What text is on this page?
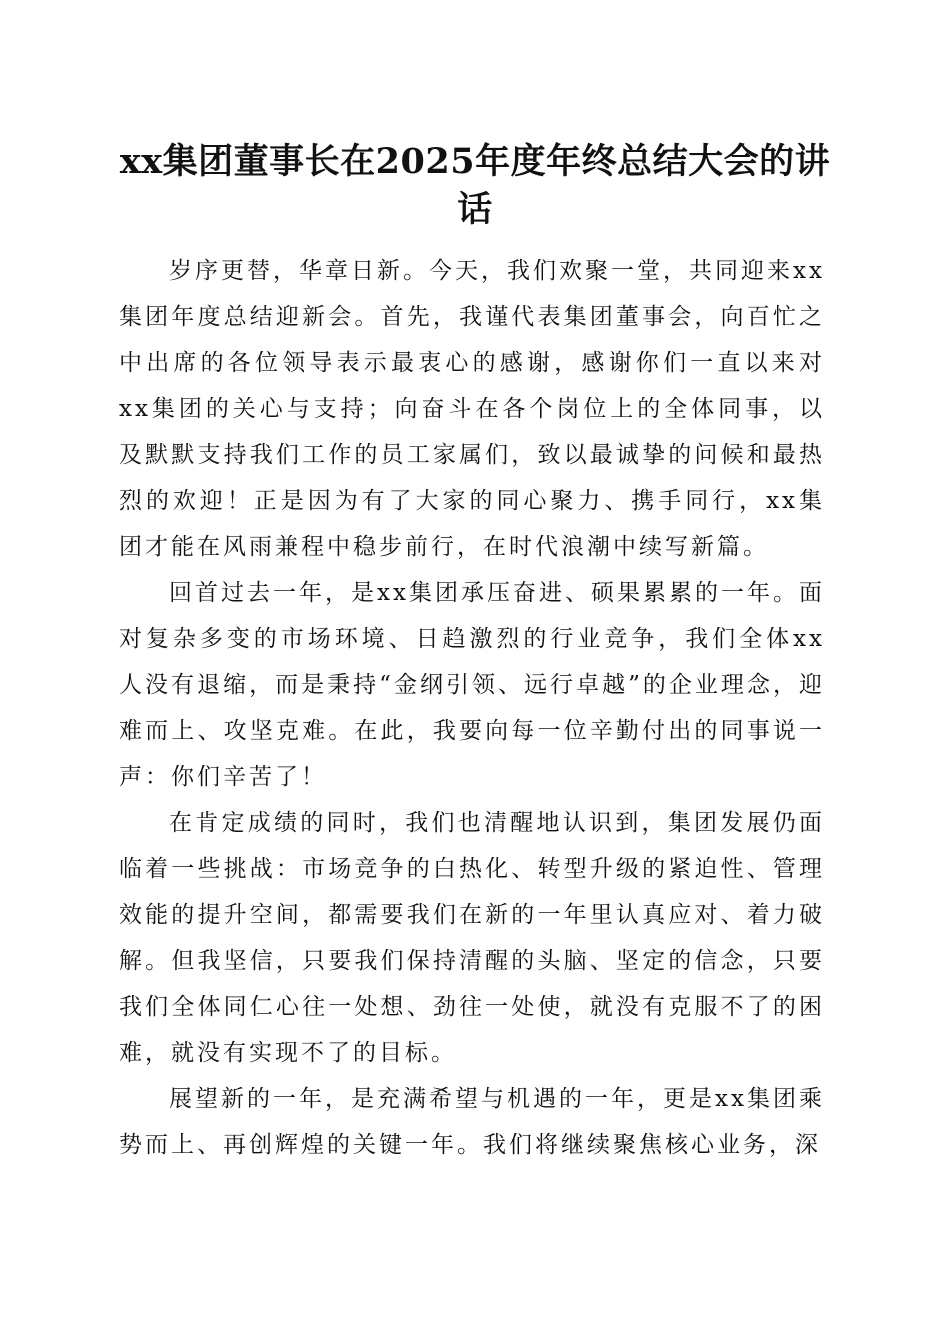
xx集团董事长在2025年度年终总结大会的讲话

岁序更替，华章日新。今天，我们欢聚一堂，共同迎来xx集团年度总结迎新会。首先，我谨代表集团董事会，向百忙之中出席的各位领导表示最衷心的感谢，感谢你们一直以来对xx集团的关心与支持；向奋斗在各个岗位上的全体同事，以及默默支持我们工作的员工家属们，致以最诚挚的问候和最热烈的欢迎！正是因为有了大家的同心聚力、携手同行，xx集团才能在风雨兼程中稳步前行，在时代浪潮中续写新篇。

回首过去一年，是xx集团承压奋进、硕果累累的一年。面对复杂多变的市场环境、日趋激烈的行业竞争，我们全体xx人没有退缩，而是秉持“金纲引领、远行卓越”的企业理念，迎难而上、攻坚克难。在此，我要向每一位辛勤付出的同事说一声：你们辛苦了！

在肯定成绩的同时，我们也清醒地认识到，集团发展仍面临着一些挑战：市场竞争的白热化、转型升级的紧迫性、管理效能的提升空间，都需要我们在新的一年里认真应对、着力破解。但我坚信，只要我们保持清醒的头脑、坚定的信念，只要我们全体同仁心往一处想、劲往一处使，就没有克服不了的困难，就没有实现不了的目标。

展望新的一年，是充满希望与机遇的一年，更是xx集团乘势而上、再创辉煌的关键一年。我们将继续聚焦核心业务，深
